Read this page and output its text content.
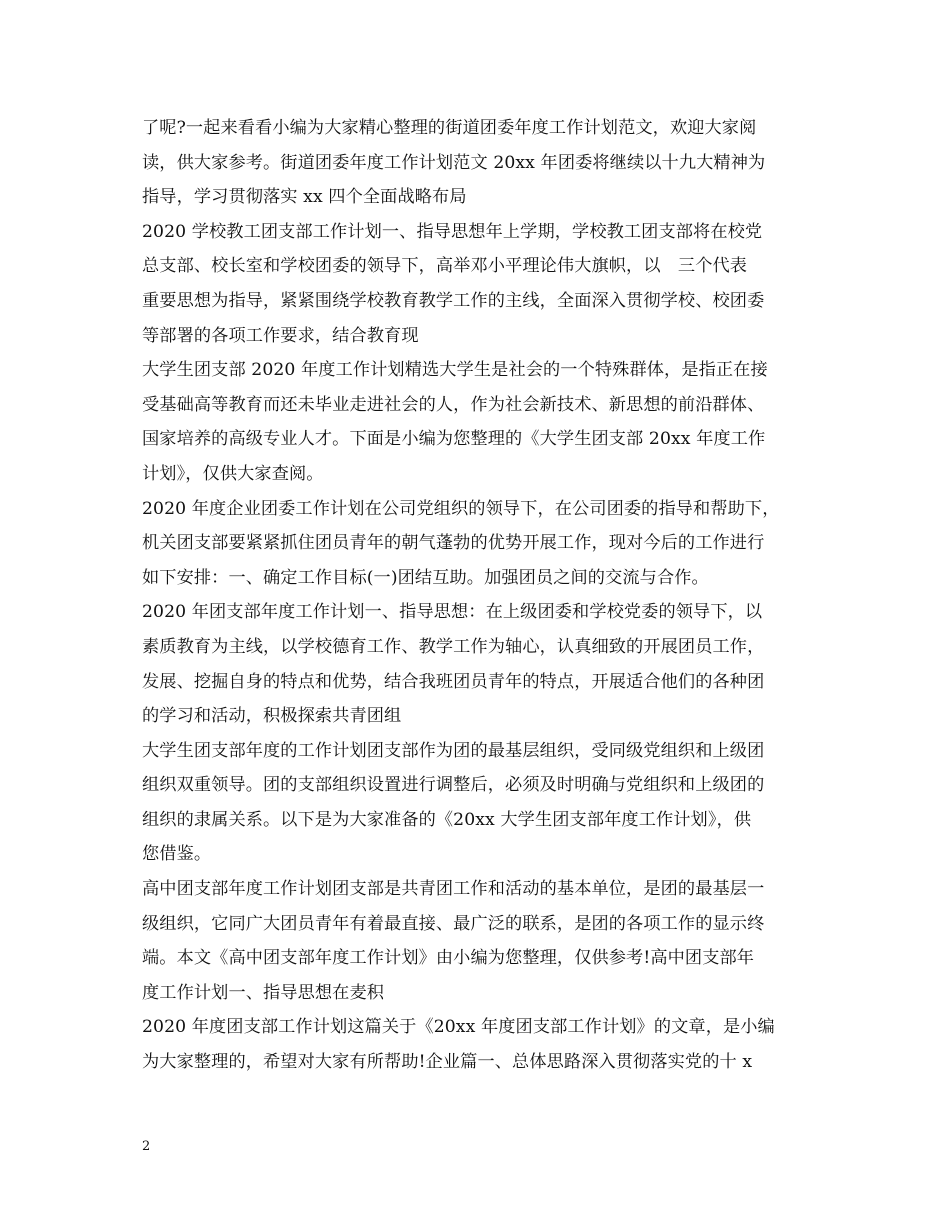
了呢?一起来看看小编为大家精心整理的街道团委年度工作计划范文，欢迎大家阅
读，供大家参考。街道团委年度工作计划范文 20xx 年团委将继续以十九大精神为
指导，学习贯彻落实 xx 四个全面战略布局
2020 学校教工团支部工作计划一、指导思想年上学期，学校教工团支部将在校党
总支部、校长室和学校团委的领导下，高举邓小平理论伟大旗帜，以　三个代表
重要思想为指导，紧紧围绕学校教育教学工作的主线，全面深入贯彻学校、校团委
等部署的各项工作要求，结合教育现
大学生团支部 2020 年度工作计划精选大学生是社会的一个特殊群体，是指正在接
受基础高等教育而还未毕业走进社会的人，作为社会新技术、新思想的前沿群体、
国家培养的高级专业人才。下面是小编为您整理的《大学生团支部 20xx 年度工作
计划》，仅供大家查阅。
2020 年度企业团委工作计划在公司党组织的领导下，在公司团委的指导和帮助下，
机关团支部要紧紧抓住团员青年的朝气蓬勃的优势开展工作，现对今后的工作进行
如下安排：一、确定工作目标(一)团结互助。加强团员之间的交流与合作。
2020 年团支部年度工作计划一、指导思想：在上级团委和学校党委的领导下，以
素质教育为主线，以学校德育工作、教学工作为轴心，认真细致的开展团员工作，
发展、挖掘自身的特点和优势，结合我班团员青年的特点，开展适合他们的各种团
的学习和活动，积极探索共青团组
大学生团支部年度的工作计划团支部作为团的最基层组织，受同级党组织和上级团
组织双重领导。团的支部组织设置进行调整后，必须及时明确与党组织和上级团的
组织的隶属关系。以下是为大家准备的《20xx 大学生团支部年度工作计划》，供
您借鉴。
高中团支部年度工作计划团支部是共青团工作和活动的基本单位，是团的最基层一
级组织，它同广大团员青年有着最直接、最广泛的联系，是团的各项工作的显示终
端。本文《高中团支部年度工作计划》由小编为您整理，仅供参考!高中团支部年
度工作计划一、指导思想在麦积
2020 年度团支部工作计划这篇关于《20xx 年度团支部工作计划》的文章，是小编
为大家整理的，希望对大家有所帮助!企业篇一、总体思路深入贯彻落实党的十 x
2
